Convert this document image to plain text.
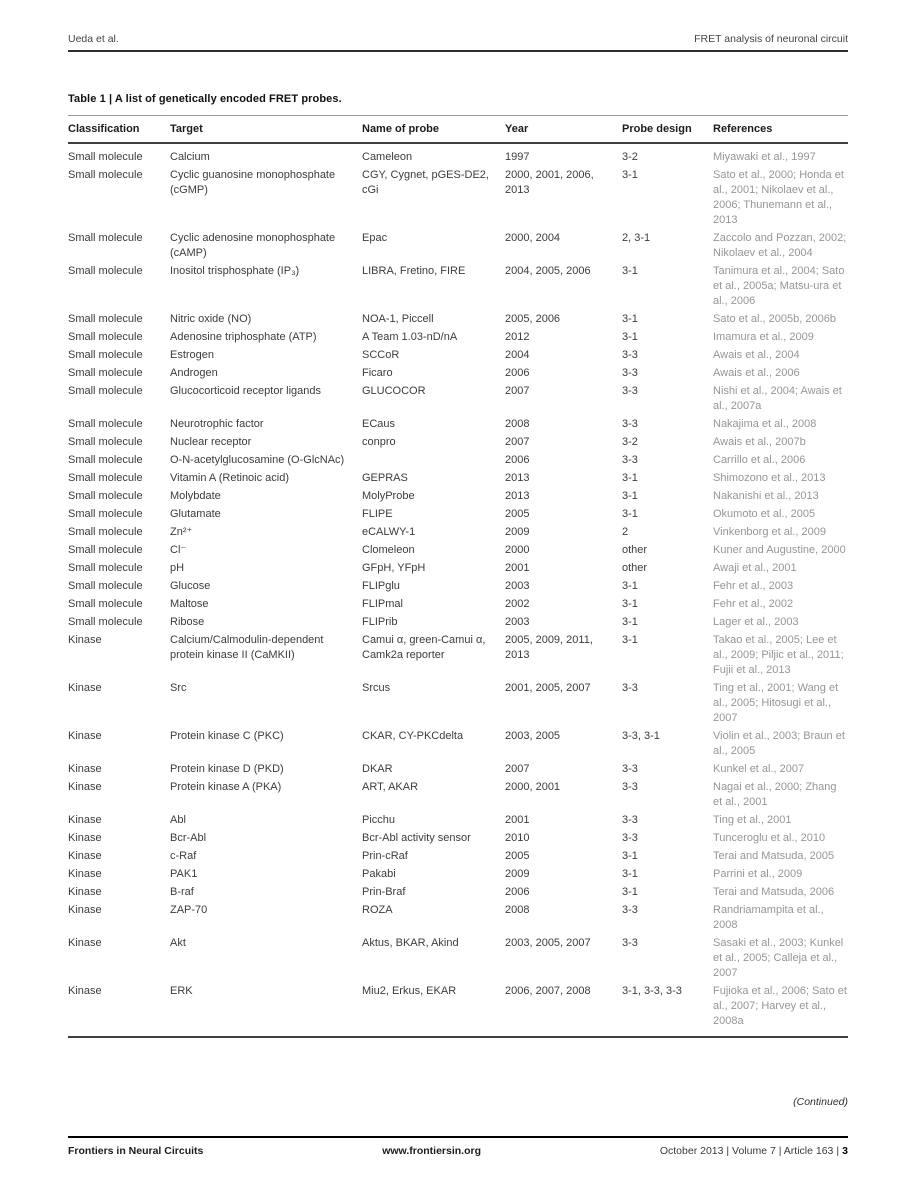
Ueda et al.	FRET analysis of neuronal circuit
Table 1 | A list of genetically encoded FRET probes.
Classification	Target	Name of probe	Year	Probe design	References
Small molecule	Calcium	Cameleon	1997	3-2	Miyawaki et al., 1997
Small molecule	Cyclic guanosine monophosphate (cGMP)	CGY, Cygnet, pGES-DE2, cGi	2000, 2001, 2006, 2013	3-1	Sato et al., 2000; Honda et al., 2001; Nikolaev et al., 2006; Thunemann et al., 2013
Small molecule	Cyclic adenosine monophosphate (cAMP)	Epac	2000, 2004	2, 3-1	Zaccolo and Pozzan, 2002; Nikolaev et al., 2004
Small molecule	Inositol trisphosphate (IP₃)	LIBRA, Fretino, FIRE	2004, 2005, 2006	3-1	Tanimura et al., 2004; Sato et al., 2005a; Matsu-ura et al., 2006
Small molecule	Nitric oxide (NO)	NOA-1, Piccell	2005, 2006	3-1	Sato et al., 2005b, 2006b
Small molecule	Adenosine triphosphate (ATP)	A Team 1.03-nD/nA	2012	3-1	Imamura et al., 2009
Small molecule	Estrogen	SCCoR	2004	3-3	Awais et al., 2004
Small molecule	Androgen	Ficaro	2006	3-3	Awais et al., 2006
Small molecule	Glucocorticoid receptor ligands	GLUCOCOR	2007	3-3	Nishi et al., 2004; Awais et al., 2007a
Small molecule	Neurotrophic factor	ECaus	2008	3-3	Nakajima et al., 2008
Small molecule	Nuclear receptor	conpro	2007	3-2	Awais et al., 2007b
Small molecule	O-N-acetylglucosamine (O-GlcNAc)		2006	3-3	Carrillo et al., 2006
Small molecule	Vitamin A (Retinoic acid)	GEPRAS	2013	3-1	Shimozono et al., 2013
Small molecule	Molybdate	MolyProbe	2013	3-1	Nakanishi et al., 2013
Small molecule	Glutamate	FLIPE	2005	3-1	Okumoto et al., 2005
Small molecule	Zn²⁺	eCALWY-1	2009	2	Vinkenborg et al., 2009
Small molecule	Cl⁻	Clomeleon	2000	other	Kuner and Augustine, 2000
Small molecule	pH	GFpH, YFpH	2001	other	Awaji et al., 2001
Small molecule	Glucose	FLIPglu	2003	3-1	Fehr et al., 2003
Small molecule	Maltose	FLIPmal	2002	3-1	Fehr et al., 2002
Small molecule	Ribose	FLIPrib	2003	3-1	Lager et al., 2003
Kinase	Calcium/Calmodulin-dependent protein kinase II (CaMKII)	Camui α, green-Camui α, Camk2a reporter	2005, 2009, 2011, 2013	3-1	Takao et al., 2005; Lee et al., 2009; Piljic et al., 2011; Fujii et al., 2013
Kinase	Src	Srcus	2001, 2005, 2007	3-3	Ting et al., 2001; Wang et al., 2005; Hitosugi et al., 2007
Kinase	Protein kinase C (PKC)	CKAR, CY-PKCdelta	2003, 2005	3-3, 3-1	Violin et al., 2003; Braun et al., 2005
Kinase	Protein kinase D (PKD)	DKAR	2007	3-3	Kunkel et al., 2007
Kinase	Protein kinase A (PKA)	ART, AKAR	2000, 2001	3-3	Nagai et al., 2000; Zhang et al., 2001
Kinase	Abl	Picchu	2001	3-3	Ting et al., 2001
Kinase	Bcr-Abl	Bcr-Abl activity sensor	2010	3-3	Tunceroglu et al., 2010
Kinase	c-Raf	Prin-cRaf	2005	3-1	Terai and Matsuda, 2005
Kinase	PAK1	Pakabi	2009	3-1	Parrini et al., 2009
Kinase	B-raf	Prin-Braf	2006	3-1	Terai and Matsuda, 2006
Kinase	ZAP-70	ROZA	2008	3-3	Randriamampita et al., 2008
Kinase	Akt	Aktus, BKAR, Akind	2003, 2005, 2007	3-3	Sasaki et al., 2003; Kunkel et al., 2005; Calleja et al., 2007
Kinase	ERK	Miu2, Erkus, EKAR	2006, 2007, 2008	3-1, 3-3, 3-3	Fujioka et al., 2006; Sato et al., 2007; Harvey et al., 2008a
(Continued)
Frontiers in Neural Circuits	www.frontiersin.org	October 2013 | Volume 7 | Article 163 | 3
